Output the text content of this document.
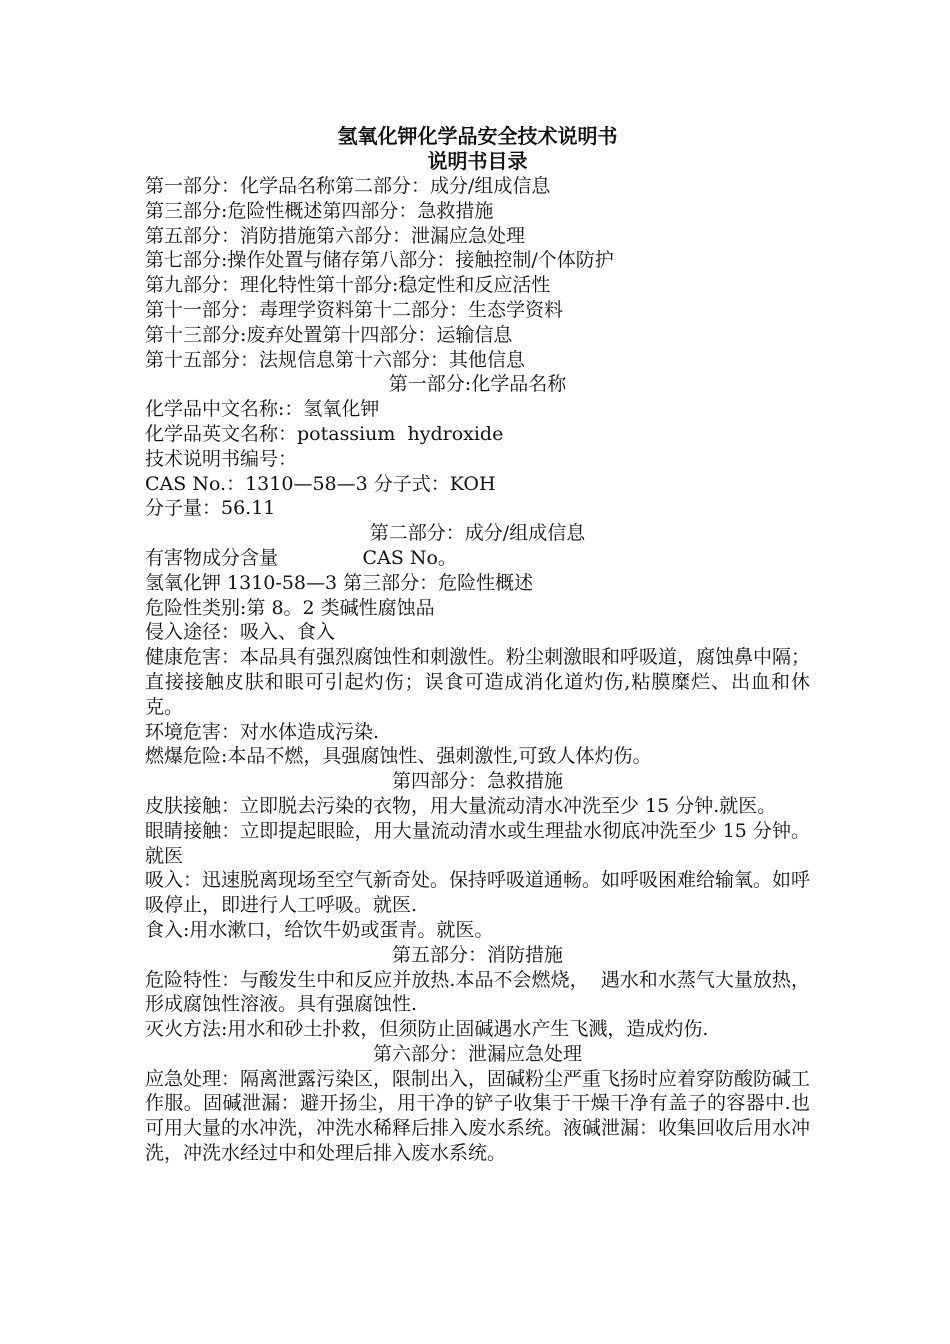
氢氧化钾化学品安全技术说明书

说明书目录

第一部分：化学品名称第二部分：成分/组成信息

第三部分:危险性概述第四部分：急救措施

第五部分：消防措施第六部分：泄漏应急处理

第七部分:操作处置与储存第八部分：接触控制/个体防护

第九部分：理化特性第十部分:稳定性和反应活性

第十一部分：毒理学资料第十二部分：生态学资料

第十三部分:废弃处置第十四部分：运输信息

第十五部分：法规信息第十六部分：其他信息

第一部分:化学品名称

化学品中文名称:：氢氧化钾

化学品英文名称：potassium  hydroxide

技术说明书编号：

CAS No.：1310—58—3 分子式：KOH

分子量：56.11

第二部分：成分/组成信息

有害物成分含量              CAS No。

氢氧化钾 1310-58—3 第三部分：危险性概述

危险性类别:第 8。2 类碱性腐蚀品

侵入途径：吸入、食入

健康危害：本品具有强烈腐蚀性和刺激性。粉尘刺激眼和呼吸道，腐蚀鼻中隔；直接接触皮肤和眼可引起灼伤；误食可造成消化道灼伤,粘膜糜烂、出血和休克。

环境危害：对水体造成污染.

燃爆危险:本品不燃，具强腐蚀性、强刺激性,可致人体灼伤。

第四部分：急救措施

皮肤接触：立即脱去污染的衣物，用大量流动清水冲洗至少 15 分钟.就医。

眼睛接触：立即提起眼睑，用大量流动清水或生理盐水彻底冲洗至少 15 分钟。就医

吸入：迅速脱离现场至空气新奇处。保持呼吸道通畅。如呼吸困难给输氧。如呼吸停止，即进行人工呼吸。就医.

食入:用水漱口，给饮牛奶或蛋青。就医。

第五部分：消防措施

危险特性：与酸发生中和反应并放热.本品不会燃烧，  遇水和水蒸气大量放热，  形成腐蚀性溶液。具有强腐蚀性.

灭火方法:用水和砂土扑救，但须防止固碱遇水产生飞溅，造成灼伤.

第六部分：泄漏应急处理

应急处理：隔离泄露污染区，限制出入，固碱粉尘严重飞扬时应着穿防酸防碱工作服。固碱泄漏：避开扬尘，用干净的铲子收集于干燥干净有盖子的容器中.也可用大量的水冲洗，冲洗水稀释后排入废水系统。液碱泄漏：收集回收后用水冲洗，冲洗水经过中和处理后排入废水系统。
